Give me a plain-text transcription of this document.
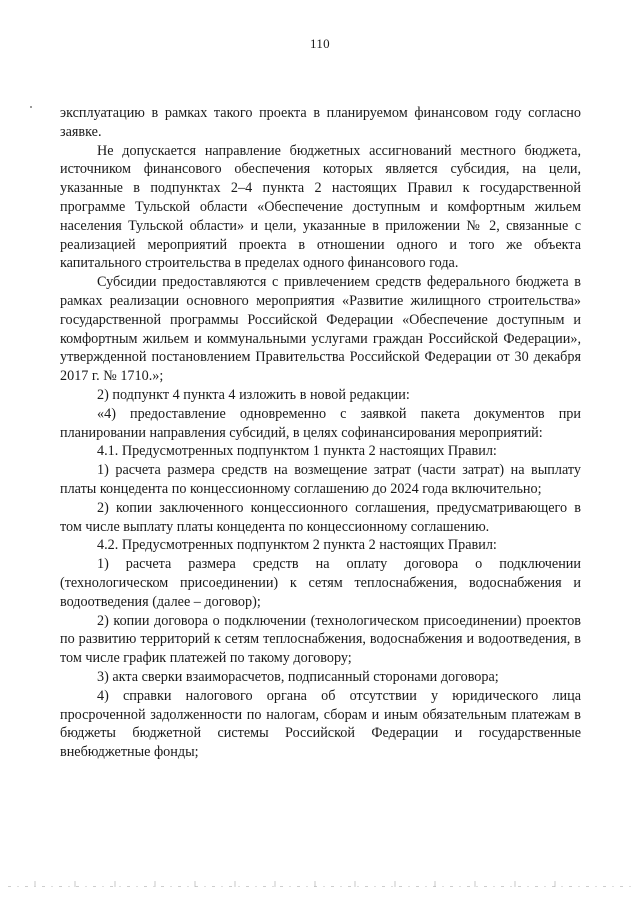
110

эксплуатацию в рамках такого проекта в планируемом финансовом году согласно заявке.

Не допускается направление бюджетных ассигнований местного бюджета, источником финансового обеспечения которых является субсидия, на цели, указанные в подпунктах 2–4 пункта 2 настоящих Правил к государственной программе Тульской области «Обеспечение доступным и комфортным жильем населения Тульской области» и цели, указанные в приложении № 2, связанные с реализацией мероприятий проекта в отношении одного и того же объекта капитального строительства в пределах одного финансового года.

Субсидии предоставляются с привлечением средств федерального бюджета в рамках реализации основного мероприятия «Развитие жилищного строительства» государственной программы Российской Федерации «Обеспечение доступным и комфортным жильем и коммунальными услугами граждан Российской Федерации», утвержденной постановлением Правительства Российской Федерации от 30 декабря 2017 г. № 1710.»;

2) подпункт 4 пункта 4 изложить в новой редакции:

«4) предоставление одновременно с заявкой пакета документов при планировании направления субсидий, в целях софинансирования мероприятий:

4.1. Предусмотренных подпунктом 1 пункта 2 настоящих Правил:

1) расчета размера средств на возмещение затрат (части затрат) на выплату платы концедента по концессионному соглашению до 2024 года включительно;

2) копии заключенного концессионного соглашения, предусматривающего в том числе выплату платы концедента по концессионному соглашению.

4.2. Предусмотренных подпунктом 2 пункта 2 настоящих Правил:

1) расчета размера средств на оплату договора о подключении (технологическом присоединении) к сетям теплоснабжения, водоснабжения и водоотведения (далее – договор);

2) копии договора о подключении (технологическом присоединении) проектов по развитию территорий к сетям теплоснабжения, водоснабжения и водоотведения, в том числе график платежей по такому договору;

3) акта сверки взаиморасчетов, подписанный сторонами договора;

4) справки налогового органа об отсутствии у юридического лица просроченной задолженности по налогам, сборам и иным обязательным платежам в бюджеты бюджетной системы Российской Федерации и государственные внебюджетные фонды;
